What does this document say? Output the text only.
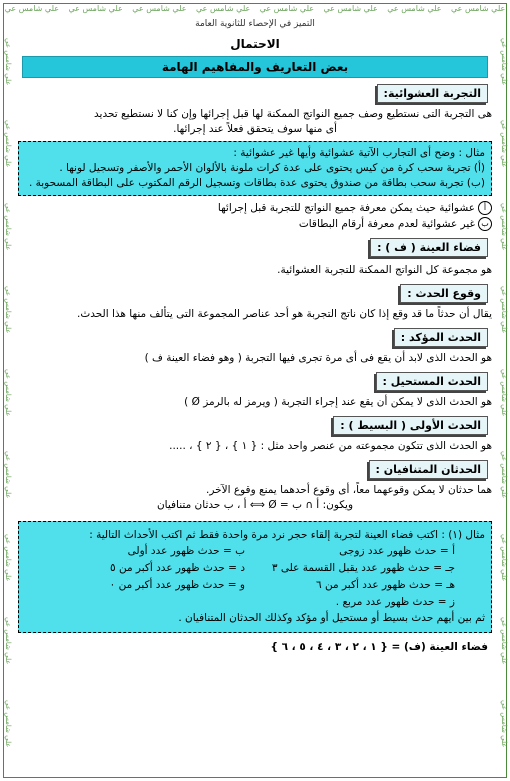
علي شامس عي علي شامس عي علي شامس عي علي شامس عي علي شامس عي علي شامس عي علي شامس عي علي شامس عي
علي شامس عي
علي شامس عي
علي شامس عي
علي شامس عي
علي شامس عي
علي شامس عي
علي شامس عي
علي شامس عي
علي شامس عي
علي شامس عي
علي شامس عي
علي شامس عي
علي شامس عي
علي شامس عي
علي شامس عي
علي شامس عي
علي شامس عي
علي شامس عي
التميز في الإحصاء للثانوية العامة
الاحتمال
بعض التعاريف والمفاهيم الهامة
التجربة العشوائية:

هى التجربة التى نستطيع وصف جميع النواتج الممكنة لها قبل إجرائها وإن كنا لا نستطيع تحديد

أى منها سوف يتحقق فعلاً عند إجرائها.

مثال : وضح أى التجارب الآتية عشوائية وأيها غير عشوائية :

(أ) تجربة سحب كرة من كيس يحتوى على عدة كرات ملونة بالألوان الأحمر والأصفر وتسجيل لونها .

(ب) تجربة سحب بطاقة من صندوق يحتوى عدة بطاقات وتسجيل الرقم المكتوب على البطاقة المسحوبة .

أ
عشوائية حيث يمكن معرفة جميع النواتج للتجربة قبل إجرائها
ب
غير عشوائية لعدم معرفة أرقام البطاقات
فضاء العينة ( ف ) :

هو مجموعة كل النواتج الممكنة للتجربة العشوائية.

وقوع الحدث :

يقال أن حدثاً ما قد وقع إذا كان ناتج التجربة هو أحد عناصر المجموعة التى يتألف منها هذا الحدث.

الحدث المؤكد :

هو الحدث الذى لابد أن يقع فى أى مرة تجرى فيها التجربة ( وهو فضاء العينة ف )

الحدث المستحيل :

هو الحدث الذى لا يمكن أن يقع عند إجراء التجربة ( ويرمز له بالرمز Ø )

الحدث الأولى ( البسيط ) :

هو الحدث الذى تتكون مجموعته من عنصر واحد مثل : { ١ } ، { ٢ } ، .....

الحدثان المتنافيان :

هما حدثان لا يمكن وقوعهما معاً، أى وقوع أحدهما يمنع وقوع الآخر.

ويكون: أ ∩ ب = Ø ⟺ أ ، ب حدثان متنافيان

مثال (١) : اكتب فضاء العينة لتجربة إلقاء حجر نرد مرة واحدة فقط ثم اكتب الأحداث التالية :

أ = حدث ظهور عدد زوجى
ب = حدث ظهور عدد أولى
جـ = حدث ظهور عدد يقبل القسمة على ٣
د = حدث ظهور عدد أكبر من ٥
هـ = حدث ظهور عدد أكبر من ٦
و = حدث ظهور عدد أكبر من ٠
ز = حدث ظهور عدد مربع .

ثم بين أيهم حدث بسيط أو مستحيل أو مؤكد وكذلك الحدثان المتنافيان .

فضاء العينة (ف) = { ١ ، ٢ ، ٣ ، ٤ ، ٥ ، ٦ }
